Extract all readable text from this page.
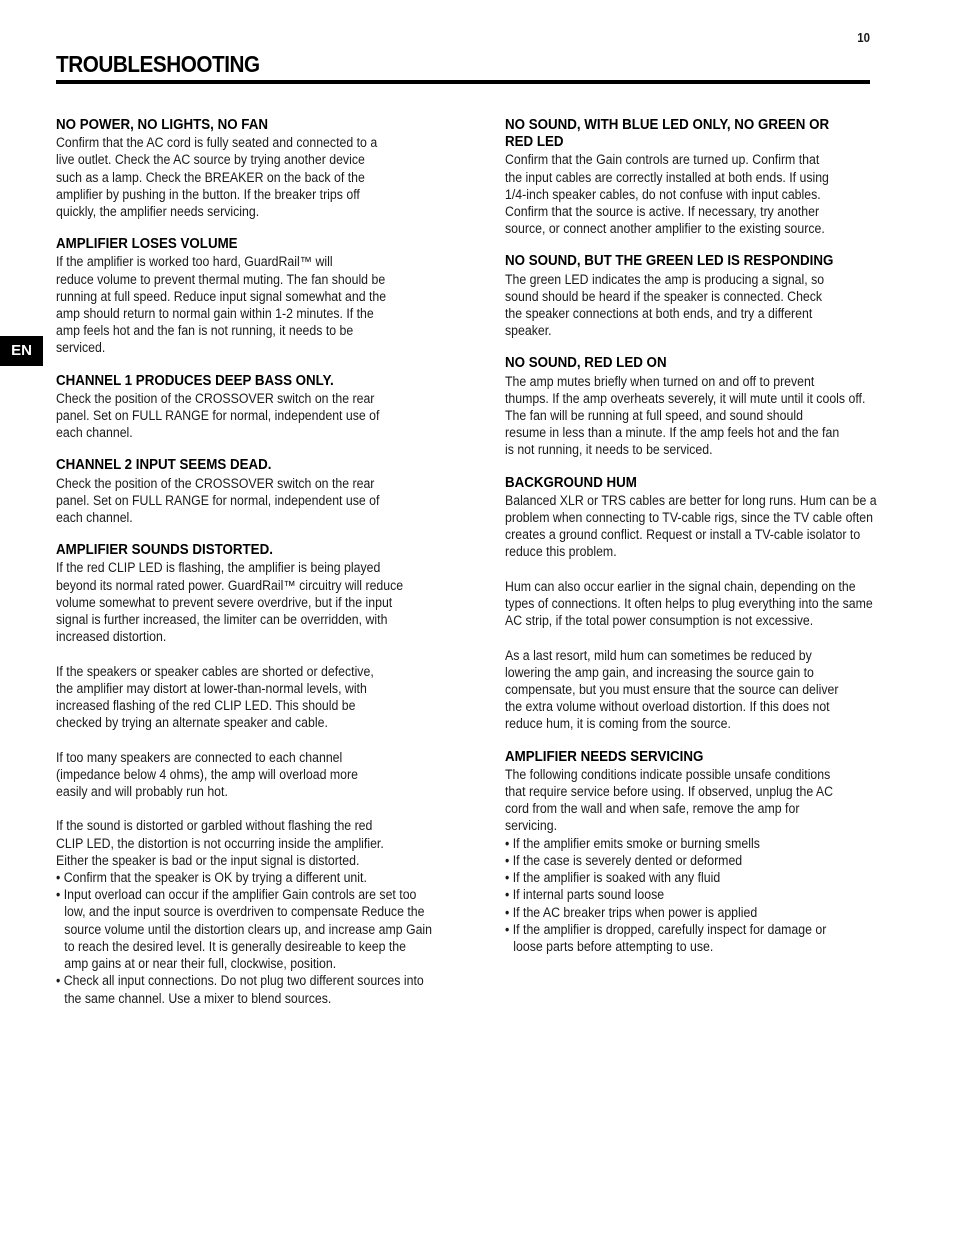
10
TROUBLESHOOTING
EN
NO POWER, NO LIGHTS, NO FAN

Confirm that the AC cord is fully seated and connected to a
live outlet. Check the AC source by trying another device
such as a lamp. Check the BREAKER on the back of the
amplifier by pushing in the button. If the breaker trips off
quickly, the amplifier needs servicing.

AMPLIFIER LOSES VOLUME

If the amplifier is worked too hard, GuardRail™ will
reduce volume to prevent thermal muting. The fan should be
running at full speed. Reduce input signal somewhat and the
amp should return to normal gain within 1-2 minutes. If the
amp feels hot and the fan is not running, it needs to be
serviced.

CHANNEL 1 PRODUCES DEEP BASS ONLY.

Check the position of the CROSSOVER switch on the rear
panel. Set on FULL RANGE for normal, independent use of
each channel.

CHANNEL 2 INPUT SEEMS DEAD.

Check the position of the CROSSOVER switch on the rear
panel. Set on FULL RANGE for normal, independent use of
each channel.

AMPLIFIER SOUNDS DISTORTED.

If the red CLIP LED is flashing, the amplifier is being played
beyond its normal rated power. GuardRail™ circuitry will reduce
volume somewhat to prevent severe overdrive, but if the input
signal is further increased, the limiter can be overridden, with
increased distortion.

If the speakers or speaker cables are shorted or defective,
the amplifier may distort at lower-than-normal levels, with
increased flashing of the red CLIP LED. This should be
checked by trying an alternate speaker and cable.

If too many speakers are connected to each channel
(impedance below 4 ohms), the amp will overload more
easily and will probably run hot.

If the sound is distorted or garbled without flashing the red
CLIP LED, the distortion is not occurring inside the amplifier.
Either the speaker is bad or the input signal is distorted.

• Confirm that the speaker is OK by trying a different unit.
• Input overload can occur if the amplifier Gain controls are set too
low, and the input source is overdriven to compensate Reduce the
source volume until the distortion clears up, and increase amp Gain
to reach the desired level. It is generally desireable to keep the
amp gains at or near their full, clockwise, position.
• Check all input connections. Do not plug two different sources into
the same channel. Use a mixer to blend sources.
NO SOUND, WITH BLUE LED ONLY, NO GREEN OR
RED LED

Confirm that the Gain controls are turned up. Confirm that
the input cables are correctly installed at both ends. If using
1/4-inch speaker cables, do not confuse with input cables.
Confirm that the source is active. If necessary, try another
source, or connect another amplifier to the existing source.

NO SOUND, BUT THE GREEN LED IS RESPONDING

The green LED indicates the amp is producing a signal, so
sound should be heard if the speaker is connected. Check
the speaker connections at both ends, and try a different
speaker.

NO SOUND, RED LED ON

The amp mutes briefly when turned on and off to prevent
thumps. If the amp overheats severely, it will mute until it cools off.
The fan will be running at full speed, and sound should
resume in less than a minute. If the amp feels hot and the fan
is not running, it needs to be serviced.

BACKGROUND HUM

Balanced XLR or TRS cables are better for long runs. Hum can be a
problem when connecting to TV-cable rigs, since the TV cable often
creates a ground conflict. Request or install a TV-cable isolator to
reduce this problem.

Hum can also occur earlier in the signal chain, depending on the
types of connections. It often helps to plug everything into the same
AC strip, if the total power consumption is not excessive.

As a last resort, mild hum can sometimes be reduced by
lowering the amp gain, and increasing the source gain to
compensate, but you must ensure that the source can deliver
the extra volume without overload distortion. If this does not
reduce hum, it is coming from the source.

AMPLIFIER NEEDS SERVICING

The following conditions indicate possible unsafe conditions
that require service before using. If observed, unplug the AC
cord from the wall and when safe, remove the amp for
servicing.

• If the amplifier emits smoke or burning smells
• If the case is severely dented or deformed
• If the amplifier is soaked with any fluid
• If internal parts sound loose
• If the AC breaker trips when power is applied
• If the amplifier is dropped, carefully inspect for damage or
loose parts before attempting to use.
